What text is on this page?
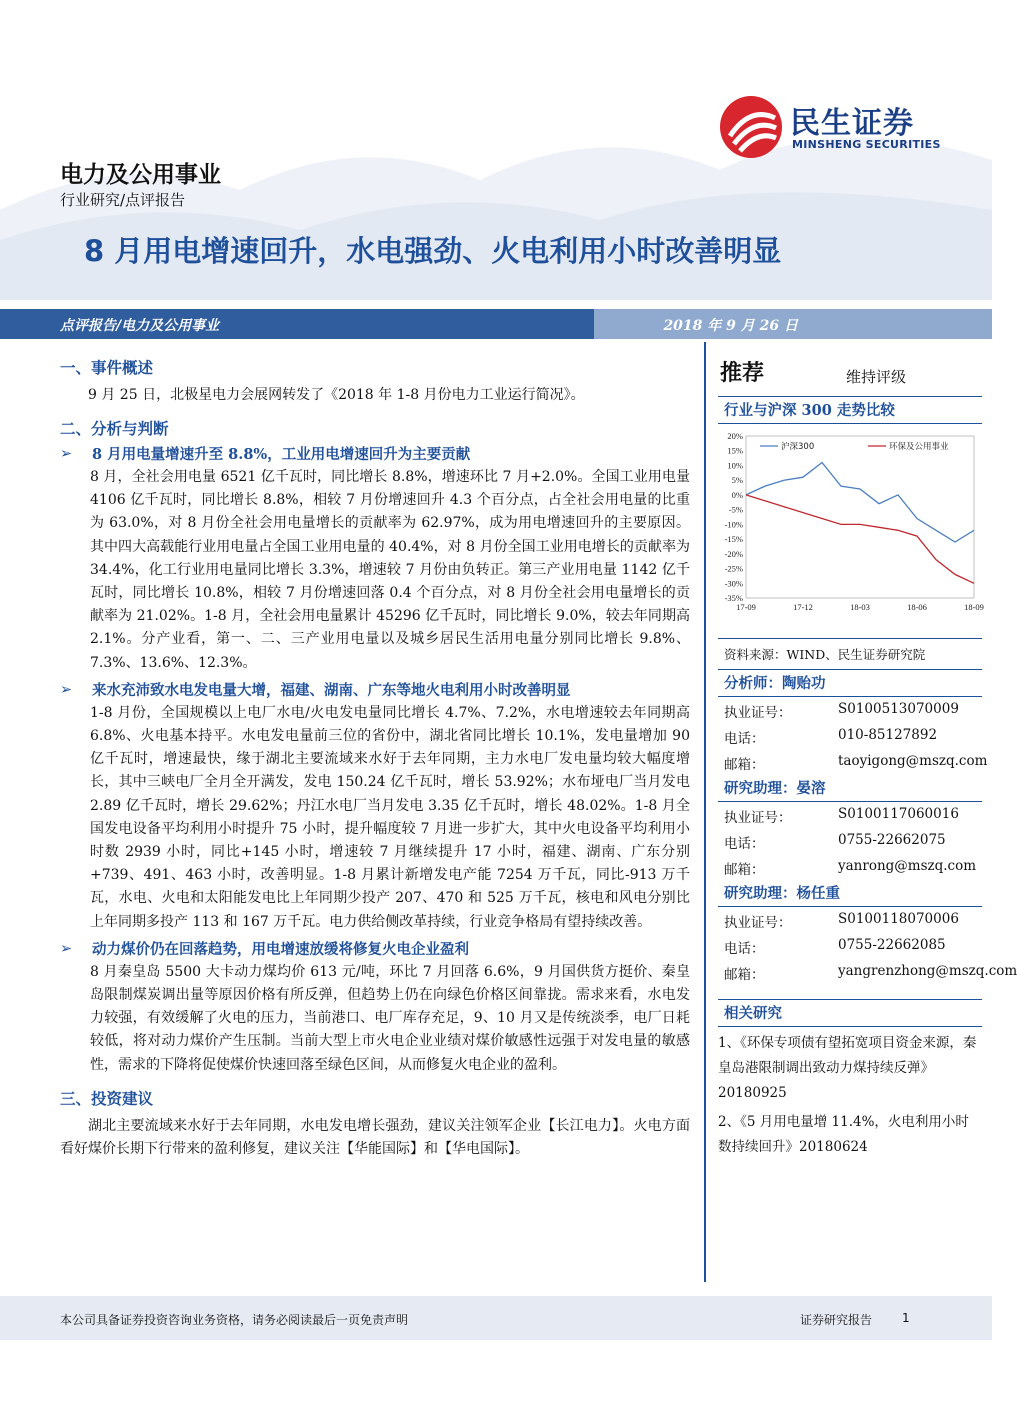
民生证券
MINSHENG SECURITIES
电力及公用事业
行业研究/点评报告
8 月用电增速回升，水电强劲、火电利用小时改善明显
点评报告/电力及公用事业	2018 年 9 月 26 日
一、事件概述
9 月 25 日，北极星电力会展网转发了《2018 年 1-8 月份电力工业运行简况》。
二、分析与判断
➢ 8 月用电量增速升至 8.8%，工业用电增速回升为主要贡献
8 月，全社会用电量 6521 亿千瓦时，同比增长 8.8%，增速环比 7 月+2.0%。全国工业用电量 4106 亿千瓦时，同比增长 8.8%，相较 7 月份增速回升 4.3 个百分点，占全社会用电量的比重为 63.0%，对 8 月份全社会用电量增长的贡献率为 62.97%，成为用电增速回升的主要原因。其中四大高载能行业用电量占全国工业用电量的 40.4%，对 8 月份全国工业用电增长的贡献率为 34.4%，化工行业用电量同比增长 3.3%，增速较 7 月份由负转正。第三产业用电量 1142 亿千瓦时，同比增长 10.8%，相较 7 月份增速回落 0.4 个百分点，对 8 月份全社会用电量增长的贡献率为 21.02%。1-8 月，全社会用电量累计 45296 亿千瓦时，同比增长 9.0%，较去年同期高 2.1%。分产业看，第一、二、三产业用电量以及城乡居民生活用电量分别同比增长 9.8%、7.3%、13.6%、12.3%。
➢ 来水充沛致水电发电量大增，福建、湖南、广东等地火电利用小时改善明显
1-8 月份，全国规模以上电厂水电/火电发电量同比增长 4.7%、7.2%，水电增速较去年同期高 6.8%、火电基本持平。水电发电量前三位的省份中，湖北省同比增长 10.1%，发电量增加 90 亿千瓦时，增速最快，缘于湖北主要流域来水好于去年同期，主力水电厂发电量均较大幅度增长，其中三峡电厂全月全开满发，发电 150.24 亿千瓦时，增长 53.92%；水布垭电厂当月发电 2.89 亿千瓦时，增长 29.62%；丹江水电厂当月发电 3.35 亿千瓦时，增长 48.02%。1-8 月全国发电设备平均利用小时提升 75 小时，提升幅度较 7 月进一步扩大，其中火电设备平均利用小时数 2939 小时，同比+145 小时，增速较 7 月继续提升 17 小时，福建、湖南、广东分别+739、491、463 小时，改善明显。1-8 月累计新增发电产能 7254 万千瓦，同比-913 万千瓦，水电、火电和太阳能发电比上年同期少投产 207、470 和 525 万千瓦，核电和风电分别比上年同期多投产 113 和 167 万千瓦。电力供给侧改革持续，行业竞争格局有望持续改善。
➢ 动力煤价仍在回落趋势，用电增速放缓将修复火电企业盈利
8 月秦皇岛 5500 大卡动力煤均价 613 元/吨，环比 7 月回落 6.6%，9 月国供货方挺价、秦皇岛限制煤炭调出量等原因价格有所反弹，但趋势上仍在向绿色价格区间靠拢。需求来看，水电发力较强，有效缓解了火电的压力，当前港口、电厂库存充足，9、10 月又是传统淡季，电厂日耗较低，将对动力煤价产生压制。当前大型上市火电企业业绩对煤价敏感性远强于对发电量的敏感性，需求的下降将促使煤价快速回落至绿色区间，从而修复火电企业的盈利。
三、投资建议
湖北主要流域来水好于去年同期，水电发电增长强劲，建议关注领军企业【长江电力】。火电方面看好煤价长期下行带来的盈利修复，建议关注【华能国际】和【华电国际】。
推荐	维持评级
行业与沪深 300 走势比较
20%
15%
10%
5%
0%
-5%
-10%
-15%
-20%
-25%
-30%
-35%
17-09	17-12	18-03	18-06	18-09
沪深300	环保及公用事业
资料来源：WIND、民生证券研究院
分析师：陶贻功
执业证号：	S0100513070009
电话：	010-85127892
邮箱：	taoyigong@mszq.com
研究助理：晏溶
执业证号：	S0100117060016
电话：	0755-22662075
邮箱：	yanrong@mszq.com
研究助理：杨任重
执业证号：	S0100118070006
电话：	0755-22662085
邮箱：	yangrenzhong@mszq.com
相关研究
1、《环保专项债有望拓宽项目资金来源，秦皇岛港限制调出致动力煤持续反弹》20180925
2、《5 月用电量增 11.4%，火电利用小时数持续回升》20180624
本公司具备证券投资咨询业务资格，请务必阅读最后一页免责声明	证券研究报告 1
